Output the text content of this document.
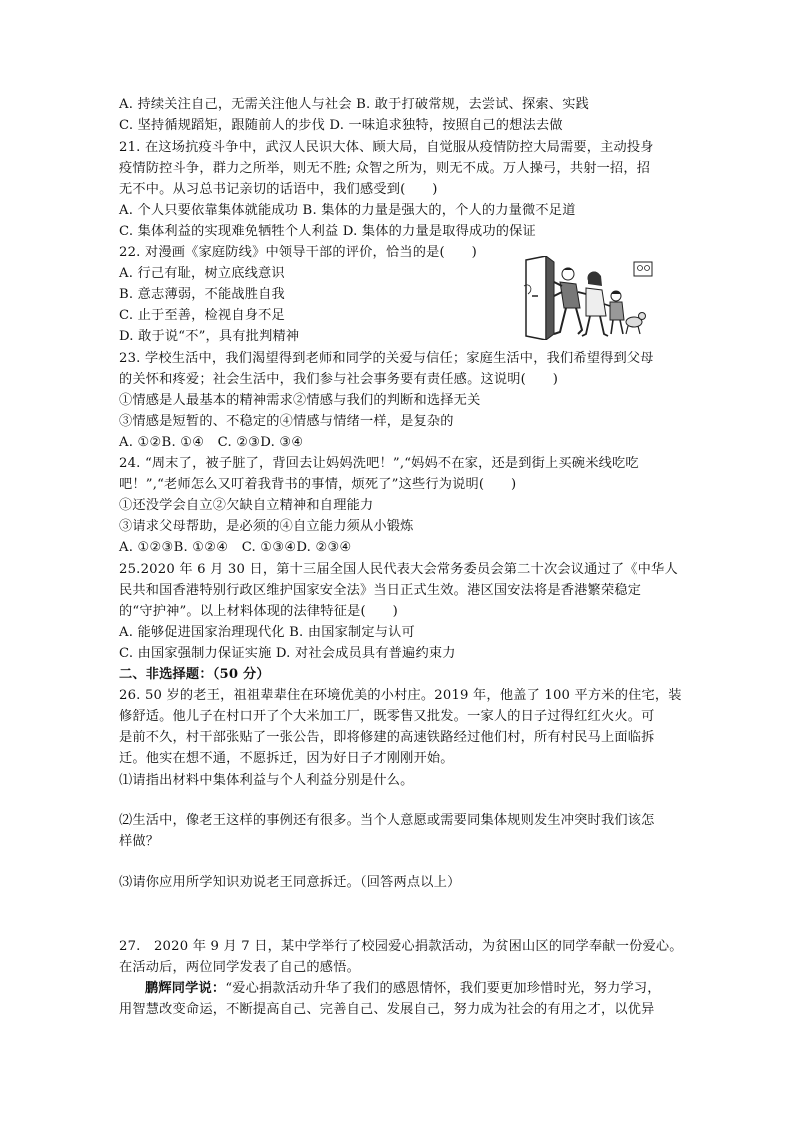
A. 持续关注自己，无需关注他人与社会 B. 敢于打破常规，去尝试、探索、实践
C. 坚持循规蹈矩，跟随前人的步伐 D. 一味追求独特，按照自己的想法去做
21. 在这场抗疫斗争中，武汉人民识大体、顾大局，自觉服从疫情防控大局需要，主动投身
疫情防控斗争，群力之所举，则无不胜; 众智之所为，则无不成。万人操弓，共射一招，招
无不中。从习总书记亲切的话语中，我们感受到(　　)
A. 个人只要依靠集体就能成功 B. 集体的力量是强大的，个人的力量微不足道
C. 集体利益的实现难免牺牲个人利益 D. 集体的力量是取得成功的保证
22. 对漫画《家庭防线》中领导干部的评价，恰当的是(　　)
A. 行己有耻，树立底线意识
B. 意志薄弱，不能战胜自我
C. 止于至善，检视自身不足
D. 敢于说“不”，具有批判精神
23. 学校生活中，我们渴望得到老师和同学的关爱与信任；家庭生活中，我们希望得到父母
的关怀和疼爱；社会生活中，我们参与社会事务要有责任感。这说明(　　)
①情感是人最基本的精神需求②情感与我们的判断和选择无关
③情感是短暂的、不稳定的④情感与情绪一样，是复杂的
A. ①②B. ①④　C. ②③D. ③④
24. “周末了，被子脏了，背回去让妈妈洗吧！”,“妈妈不在家，还是到街上买碗米线吃吃
吧！”,“老师怎么又叮着我背书的事情，烦死了”这些行为说明(　　)
①还没学会自立②欠缺自立精神和自理能力
③请求父母帮助，是必须的④自立能力须从小锻炼
A. ①②③B. ①②④　C. ①③④D. ②③④
25.2020 年 6 月 30 日，第十三届全国人民代表大会常务委员会第二十次会议通过了《中华人
民共和国香港特别行政区维护国家安全法》当日正式生效。港区国安法将是香港繁荣稳定
的“守护神”。以上材料体现的法律特征是(　　)
A. 能够促进国家治理现代化 B. 由国家制定与认可
C. 由国家强制力保证实施 D. 对社会成员具有普遍约束力
二、非选择题：（50 分）
26. 50 岁的老王，祖祖辈辈住在环境优美的小村庄。2019 年，他盖了 100 平方米的住宅，装
修舒适。他儿子在村口开了个大米加工厂，既零售又批发。一家人的日子过得红红火火。可
是前不久，村干部张贴了一张公告，即将修建的高速铁路经过他们村，所有村民马上面临拆
迁。他实在想不通，不愿拆迁，因为好日子才刚刚开始。
⑴请指出材料中集体利益与个人利益分别是什么。
⑵生活中，像老王这样的事例还有很多。当个人意愿或需要同集体规则发生冲突时我们该怎
样做？
⑶请你应用所学知识劝说老王同意拆迁。（回答两点以上）
27.　2020 年 9 月 7 日，某中学举行了校园爱心捐款活动，为贫困山区的同学奉献一份爱心。
在活动后，两位同学发表了自己的感悟。
鹏辉同学说：“爱心捐款活动升华了我们的感恩情怀，我们要更加珍惜时光，努力学习，
用智慧改变命运，不断提高自己、完善自己、发展自己，努力成为社会的有用之才，以优异
